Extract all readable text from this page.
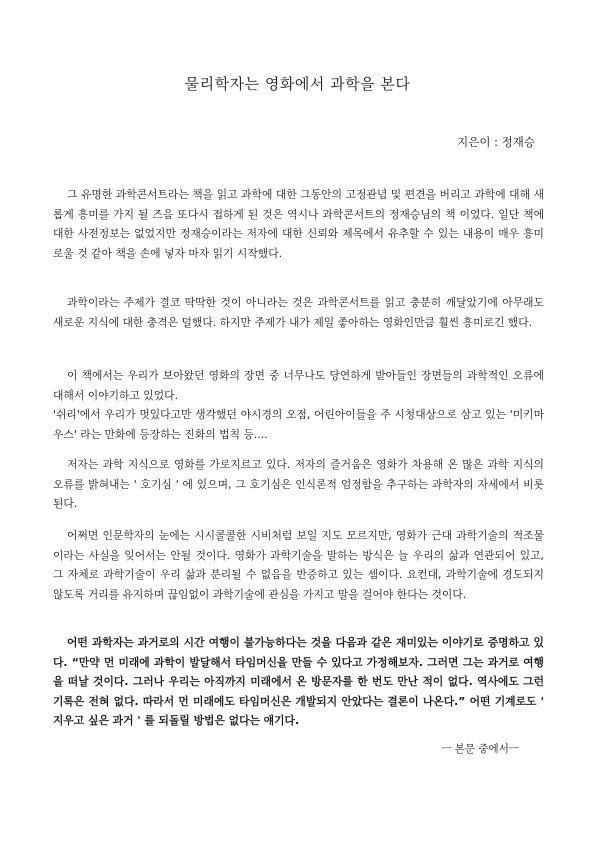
물리학자는 영화에서 과학을 본다
지은이 : 정재승

그 유명한 과학콘서트라는 책을 읽고 과학에 대한 그동안의 고정관념 및 편견을 버리고 과학에 대해 새롭게 흥미를 가지 될 즈음 또다시 접하게 된 것은 역시나 과학콘서트의 정재승님의 책 이었다. 일단 책에 대한 사전정보는 없었지만 정재승이라는 저자에 대한 신뢰와 제목에서 유추할 수 있는 내용이 매우 흥미로울 것 같아 책을 손에 넣자 마자 읽기 시작했다.

과학이라는 주제가 결코 딱딱한 것이 아니라는 것은 과학콘서트를 읽고 충분히 깨달았기에 아무래도 새로운 지식에 대한 충격은 덜했다. 하지만 주제가 내가 제일 좋아하는 영화인만큼 훨씬 흥미로긴 했다.

이 책에서는 우리가 보아왔던 영화의 장면 중 너무나도 당연하게 받아들인 장면들의 과학적인 오류에 대해서 이야기하고 있었다.
'쉬리'에서 우리가 멋있다고만 생각했던 야시경의 오점, 어린아이들을 주 시청대상으로 삼고 있는 '미키마우스' 라는 만화에 등장하는 진화의 법칙 등....

저자는 과학 지식으로 영화를 가로지르고 있다. 저자의 즐거움은 영화가 차용해 온 많은 과학 지식의 오류를 밝혀내는 ' 호기심 ' 에 있으며, 그 호기심은 인식론적 엄정함을 추구하는 과학자의 자세에서 비롯된다.

어쩌면 인문학자의 눈에는 시시콜콜한 시비처럼 보일 지도 모르지만, 영화가 근대 과학기술의 적조물이라는 사실을 잊어서는 안될 것이다. 영화가 과학기술을 말하는 방식은 늘 우리의 삶과 연관되어 있고, 그 자체로 과학기술이 우리 삶과 분리될 수 없음을 반증하고 있는 셈이다. 요컨대, 과학기술에 경도되지 않도록 거리를 유지하며 끊임없이 과학기술에 관심을 가지고 말을 걸어야 한다는 것이다.

어떤 과학자는 과거로의 시간 여행이 불가능하다는 것을 다음과 같은 재미있는 이야기로 증명하고 있다. “만약 먼 미래에 과학이 발달해서 타임머신을 만들 수 있다고 가정해보자. 그러면 그는 과거로 여행을 떠날 것이다. 그러나 우리는 아직까지 미래에서 온 방문자를 한 번도 만난 적이 없다. 역사에도 그런 기록은 전혀 없다. 따라서 먼 미래에도 타임머신은 개발되지 안았다는 결론이 나온다.” 어떤 기계로도 ' 지우고 싶은 과거 ' 를 되돌릴 방법은 없다는 얘기다.

ㅡ 본문 중에서ㅡ
